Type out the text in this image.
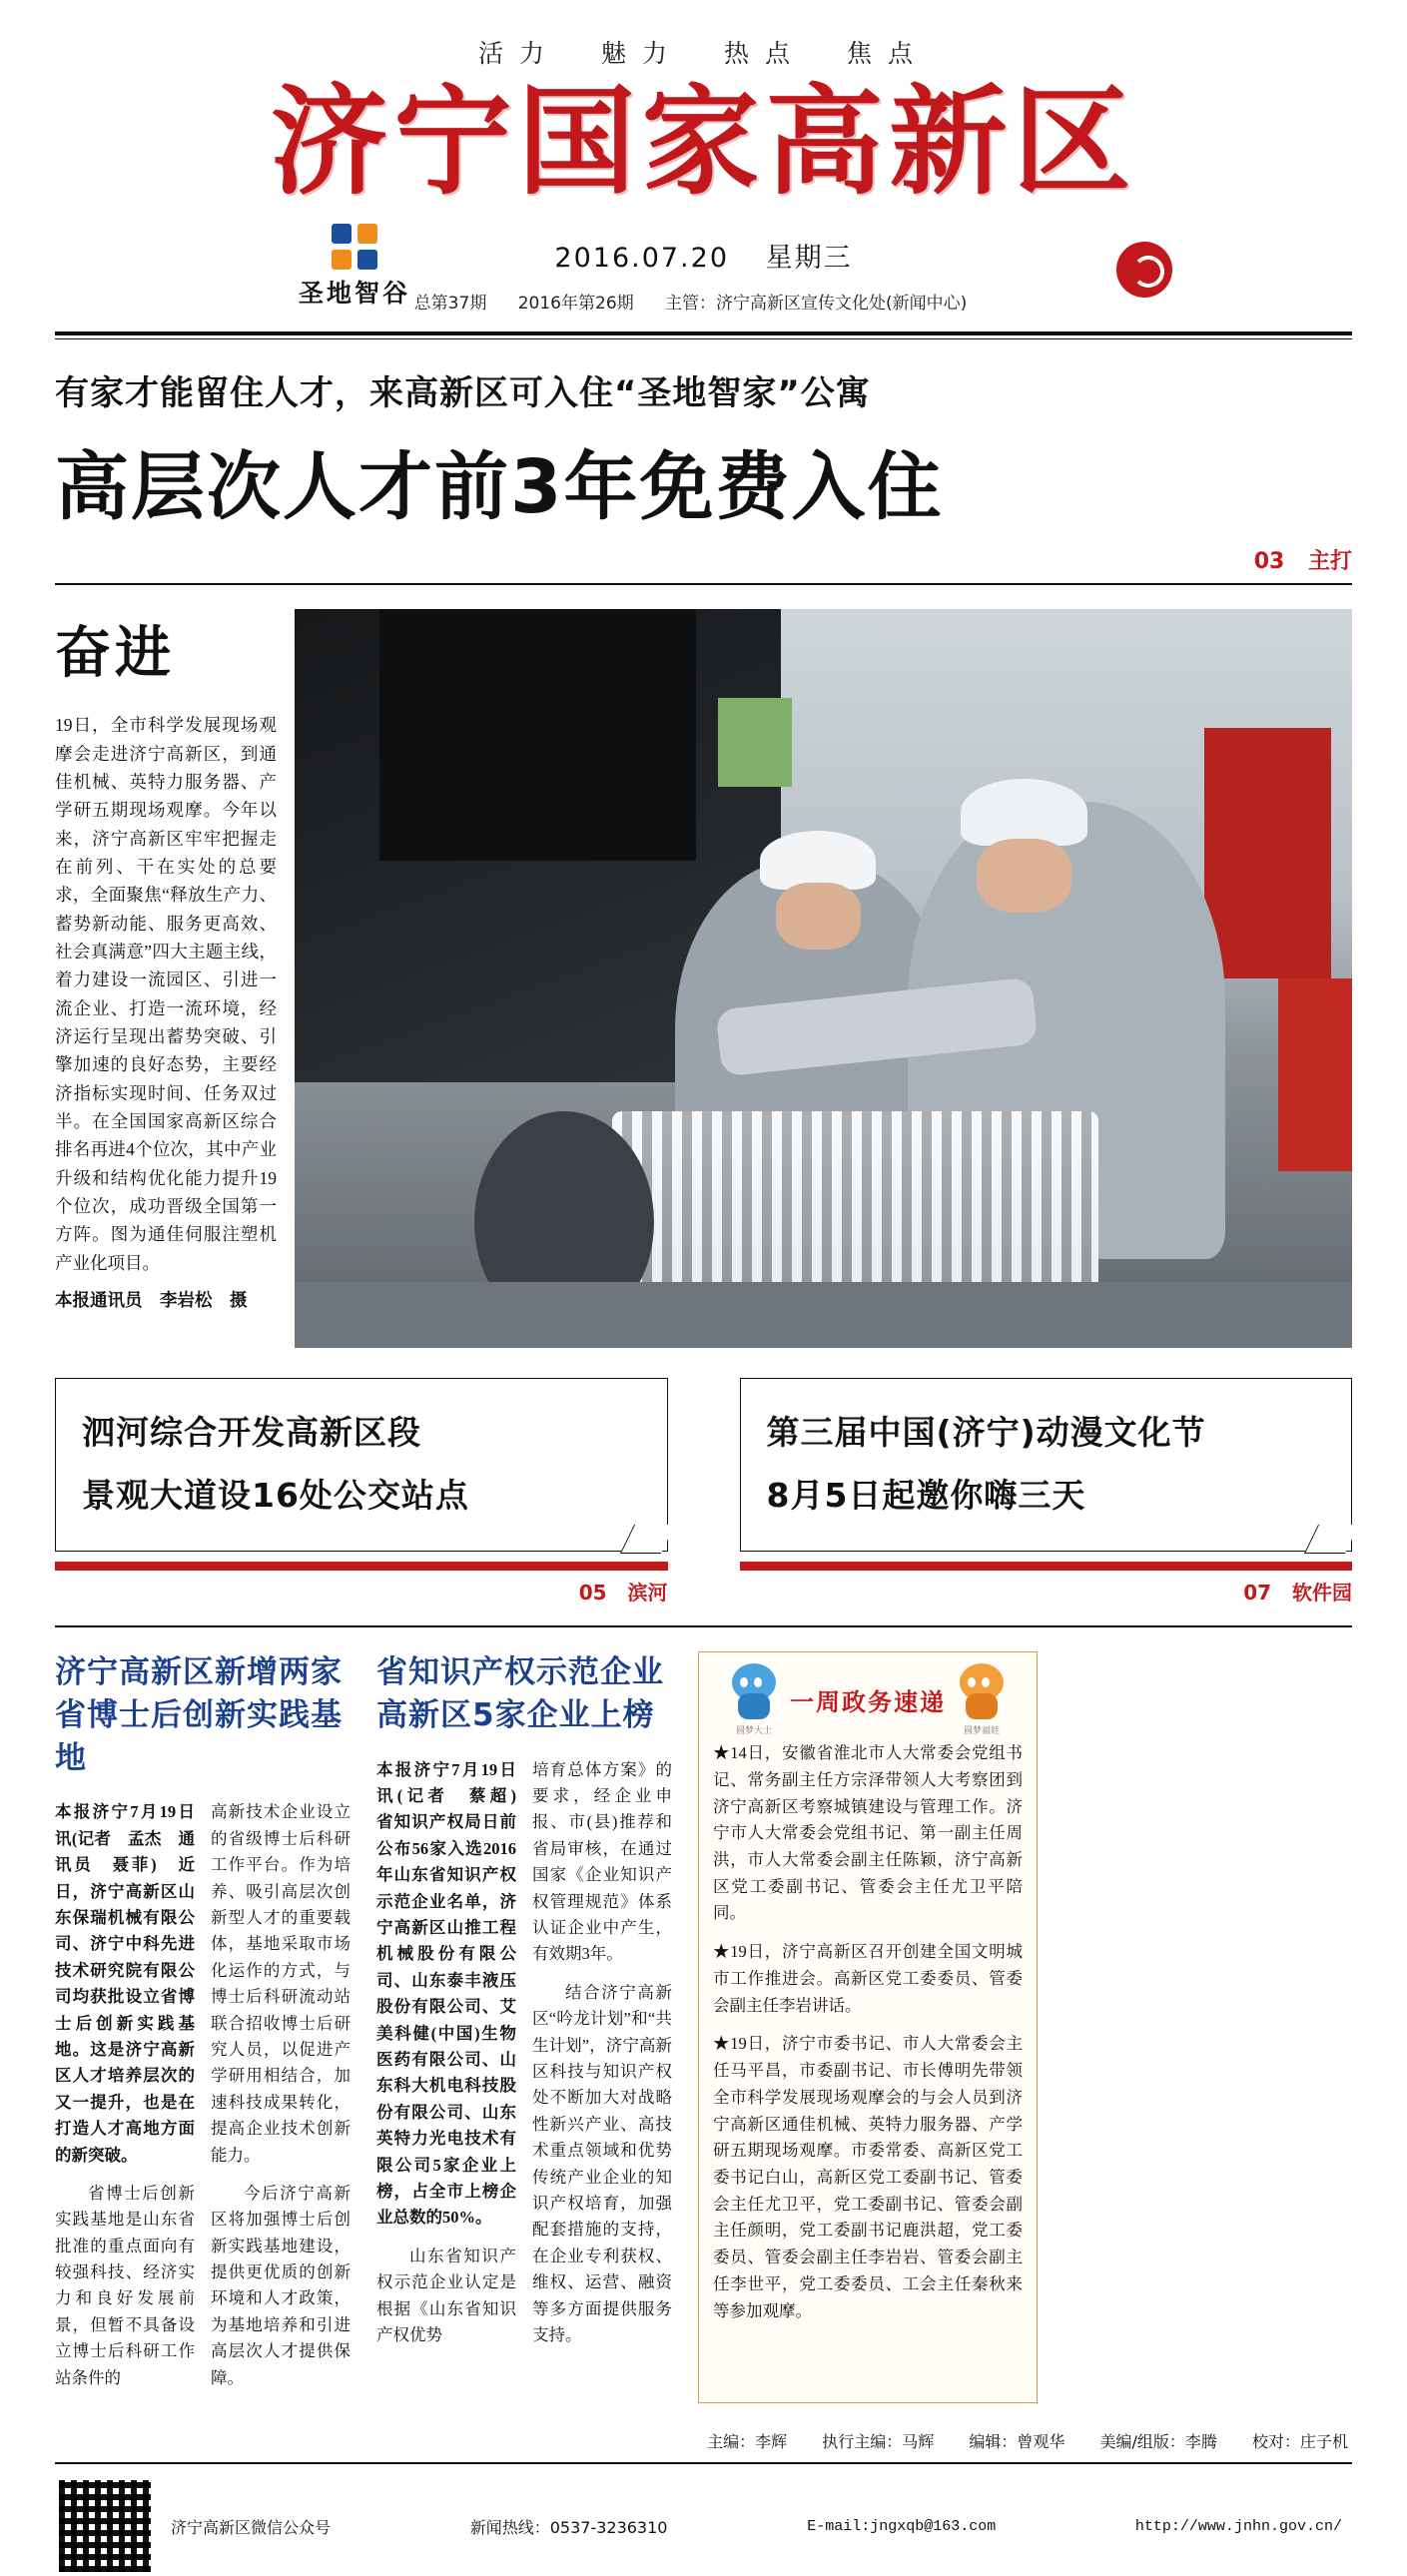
活力　魅力　热点　焦点
济宁国家高新区
圣地智谷
2016.07.20 星期三
总第37期 2016年第26期 主管：济宁高新区宣传文化处(新闻中心)
有家才能留住人才，来高新区可入住“圣地智家”公寓
高层次人才前3年免费入住
03 主打
奋进
19日，全市科学发展现场观摩会走进济宁高新区，到通佳机械、英特力服务器、产学研五期现场观摩。今年以来，济宁高新区牢牢把握走在前列、干在实处的总要求，全面聚焦“释放生产力、蓄势新动能、服务更高效、社会真满意”四大主题主线，着力建设一流园区、引进一流企业、打造一流环境，经济运行呈现出蓄势突破、引擎加速的良好态势，主要经济指标实现时间、任务双过半。在全国国家高新区综合排名再进4个位次，其中产业升级和结构优化能力提升19个位次，成功晋级全国第一方阵。图为通佳伺服注塑机产业化项目。
本报通讯员　李岩松　摄
泗河综合开发高新区段
景观大道设16处公交站点
05 滨河
第三届中国(济宁)动漫文化节
8月5日起邀你嗨三天
07 软件园
济宁高新区新增两家
省博士后创新实践基地

本报济宁7月19日讯(记者　孟杰　通讯员　聂菲)　近日，济宁高新区山东保瑞机械有限公司、济宁中科先进技术研究院有限公司均获批设立省博士后创新实践基地。这是济宁高新区人才培养层次的又一提升，也是在打造人才高地方面的新突破。

省博士后创新实践基地是山东省批准的重点面向有较强科技、经济实力和良好发展前景，但暂不具备设立博士后科研工作站条件的

高新技术企业设立的省级博士后科研工作平台。作为培养、吸引高层次创新型人才的重要载体，基地采取市场化运作的方式，与博士后科研流动站联合招收博士后研究人员，以促进产学研用相结合，加速科技成果转化，提高企业技术创新能力。

今后济宁高新区将加强博士后创新实践基地建设，提供更优质的创新环境和人才政策，为基地培养和引进高层次人才提供保障。

省知识产权示范企业
高新区5家企业上榜

本报济宁7月19日讯(记者　蔡超)　省知识产权局日前公布56家入选2016年山东省知识产权示范企业名单，济宁高新区山推工程机械股份有限公司、山东泰丰液压股份有限公司、艾美科健(中国)生物医药有限公司、山东科大机电科技股份有限公司、山东英特力光电技术有限公司5家企业上榜，占全市上榜企业总数的50%。

山东省知识产权示范企业认定是根据《山东省知识产权优势

培育总体方案》的要求，经企业申报、市(县)推荐和省局审核，在通过国家《企业知识产权管理规范》体系认证企业中产生，有效期3年。

结合济宁高新区“吟龙计划”和“共生计划”，济宁高新区科技与知识产权处不断加大对战略性新兴产业、高技术重点领域和优势传统产业企业的知识产权培育，加强配套措施的支持，在企业专利获权、维权、运营、融资等多方面提供服务支持。

圆梦大士
一周政务速递
圆梦福娃

★14日，安徽省淮北市人大常委会党组书记、常务副主任方宗泽带领人大考察团到济宁高新区考察城镇建设与管理工作。济宁市人大常委会党组书记、第一副主任周洪，市人大常委会副主任陈颖，济宁高新区党工委副书记、管委会主任尤卫平陪同。

★19日，济宁高新区召开创建全国文明城市工作推进会。高新区党工委委员、管委会副主任李岩讲话。

★19日，济宁市委书记、市人大常委会主任马平昌，市委副书记、市长傅明先带领全市科学发展现场观摩会的与会人员到济宁高新区通佳机械、英特力服务器、产学研五期现场观摩。市委常委、高新区党工委书记白山，高新区党工委副书记、管委会主任尤卫平，党工委副书记、管委会副主任颜明，党工委副书记鹿洪超，党工委委员、管委会副主任李岩岩、管委会副主任李世平，党工委委员、工会主任秦秋来等参加观摩。

主编：李辉 执行主编：马辉 编辑：曾观华 美编/组版：李腾 校对：庄子机
济宁高新区微信公众号	新闻热线：0537-3236310	E-mail:jngxqb@163.com	http://www.jnhn.gov.cn/
